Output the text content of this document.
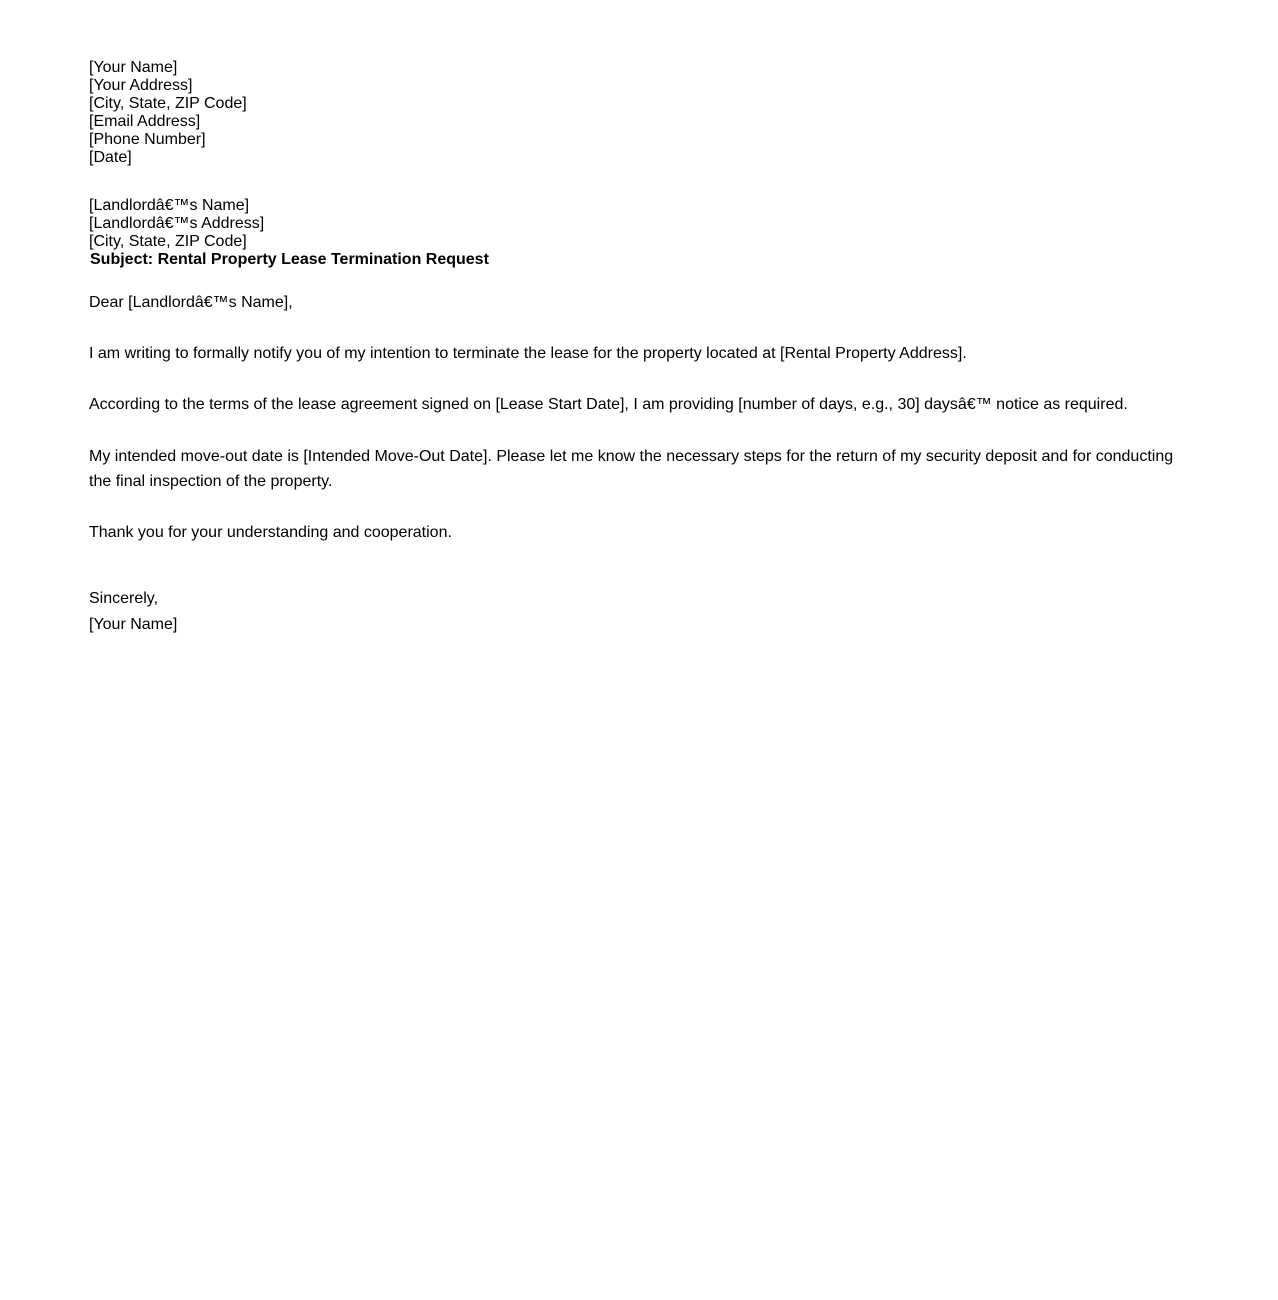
[Your Name]
[Your Address]
[City, State, ZIP Code]
[Email Address]
[Phone Number]
[Date]
[Landlordâ€™s Name]
[Landlordâ€™s Address]
[City, State, ZIP Code]
Subject: Rental Property Lease Termination Request
Dear [Landlordâ€™s Name],
I am writing to formally notify you of my intention to terminate the lease for the property located at [Rental Property Address].
According to the terms of the lease agreement signed on [Lease Start Date], I am providing [number of days, e.g., 30] daysâ€™ notice as required.
My intended move-out date is [Intended Move-Out Date]. Please let me know the necessary steps for the return of my security deposit and for conducting the final inspection of the property.
Thank you for your understanding and cooperation.
Sincerely,
[Your Name]
